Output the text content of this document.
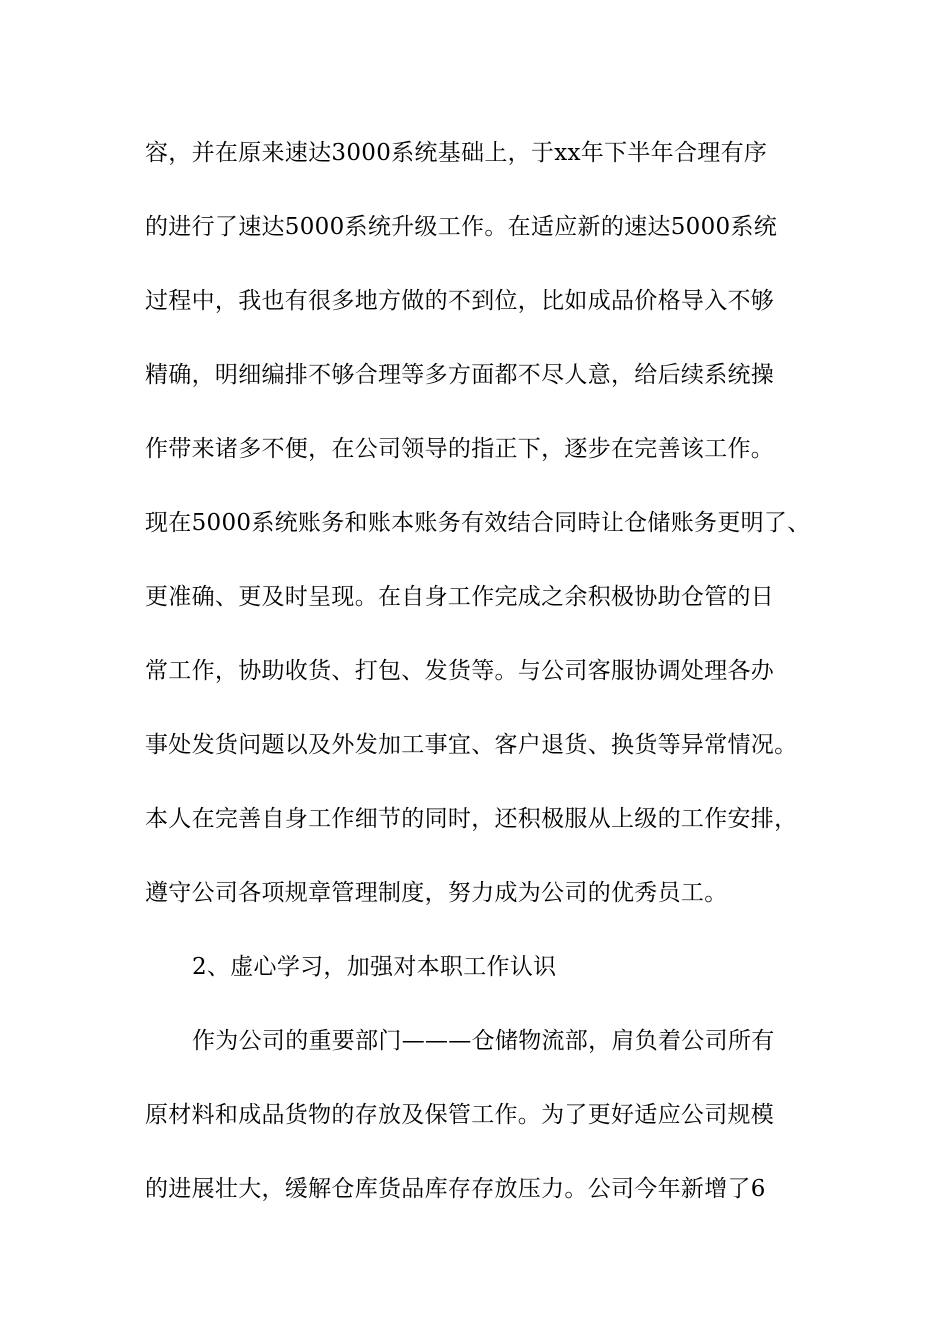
容，并在原来速达3000系统基础上，于xx年下半年合理有序
的进行了速达5000系统升级工作。在适应新的速达5000系统
过程中，我也有很多地方做的不到位，比如成品价格导入不够
精确，明细编排不够合理等多方面都不尽人意，给后续系统操
作带来诸多不便，在公司领导的指正下，逐步在完善该工作。
现在5000系统账务和账本账务有效结合同時让仓储账务更明了、
更准确、更及时呈现。在自身工作完成之余积极协助仓管的日
常工作，协助收货、打包、发货等。与公司客服协调处理各办
事处发货问题以及外发加工事宜、客户退货、换货等异常情况。
本人在完善自身工作细节的同时，还积极服从上级的工作安排，
遵守公司各项规章管理制度，努力成为公司的优秀员工。
2、虚心学习，加强对本职工作认识
作为公司的重要部门———仓储物流部，肩负着公司所有
原材料和成品货物的存放及保管工作。为了更好适应公司规模
的进展壮大，缓解仓库货品库存存放压力。公司今年新增了6
